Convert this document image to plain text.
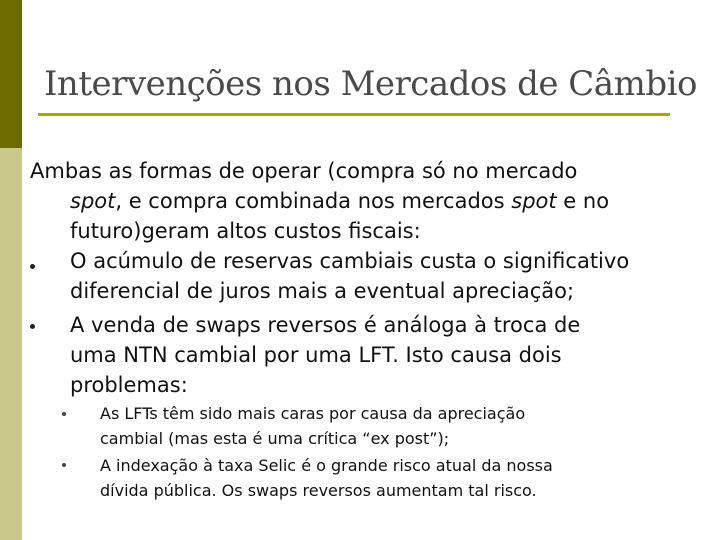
Intervenções nos Mercados de Câmbio
Ambas as formas de operar (compra só no mercado
spot, e compra combinada nos mercados spot e no
futuro)geram altos custos fiscais:
O acúmulo de reservas cambiais custa o significativo
diferencial de juros mais a eventual apreciação;
A venda de swaps reversos é análoga à troca de
uma NTN cambial por uma LFT. Isto causa dois
problemas:
As LFTs têm sido mais caras por causa da apreciação
cambial (mas esta é uma crítica “ex post”);
A indexação à taxa Selic é o grande risco atual da nossa
dívida pública. Os swaps reversos aumentam tal risco.
